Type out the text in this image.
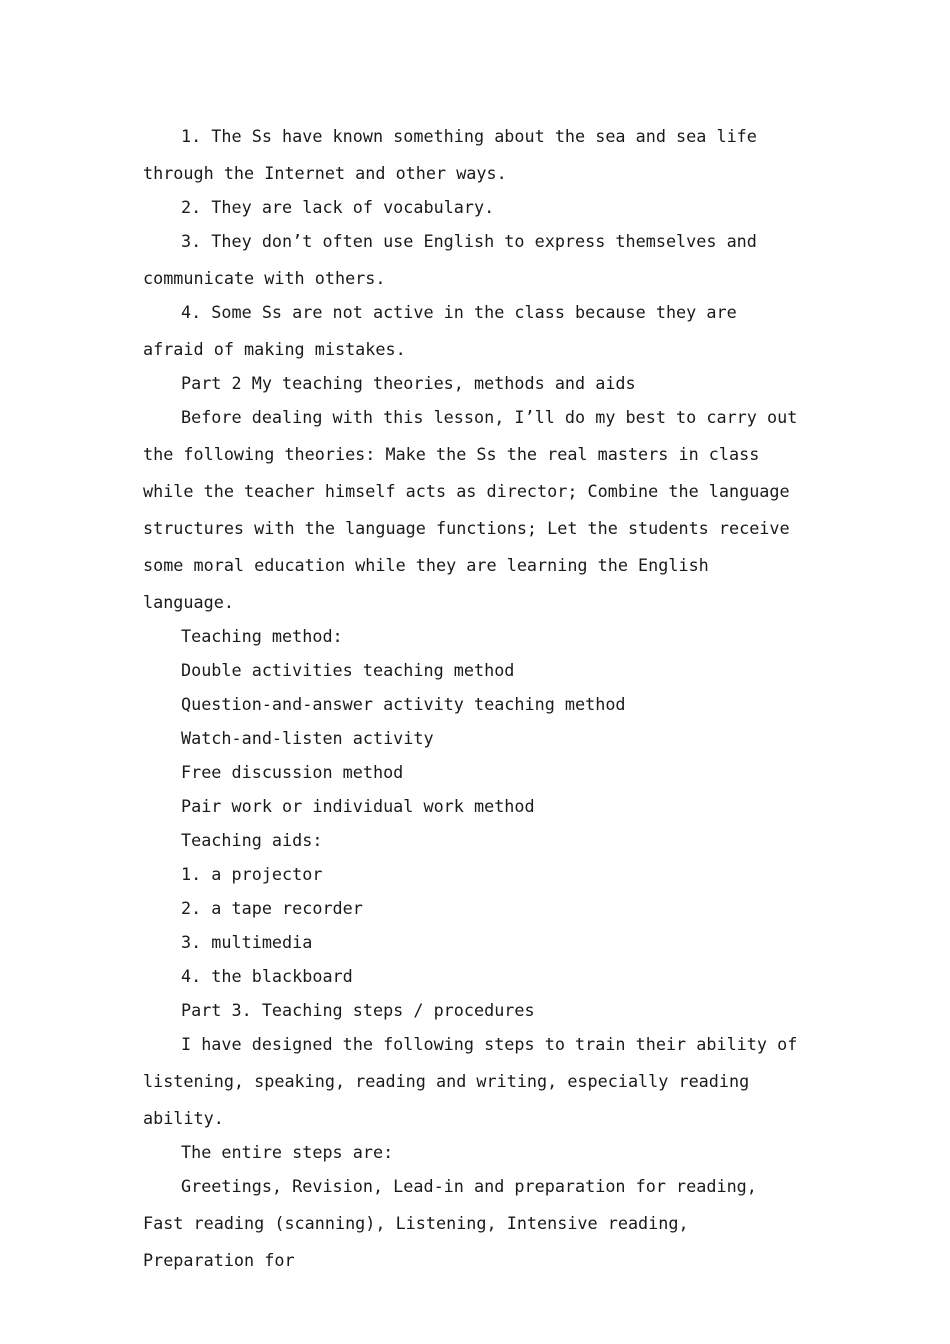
1. The Ss have known something about the sea and sea life through the Internet and other ways.

2. They are lack of vocabulary.

3. They don’t often use English to express themselves and communicate with others.

4. Some Ss are not active in the class because they are afraid of making mistakes.

Part 2 My teaching theories, methods and aids

Before dealing with this lesson, I’ll do my best to carry out the following theories: Make the Ss the real masters in class while the teacher himself acts as director; Combine the language structures with the language functions; Let the students receive some moral education while they are learning the English language.

Teaching method:

Double activities teaching method

Question-and-answer activity teaching method

Watch-and-listen activity

Free discussion method

Pair work or individual work method

Teaching aids:

1. a projector

2. a tape recorder

3. multimedia

4. the blackboard

Part 3. Teaching steps / procedures

I have designed the following steps to train their ability of listening, speaking, reading and writing, especially reading ability.

The entire steps are:

Greetings, Revision, Lead-in and preparation for reading, Fast reading (scanning), Listening, Intensive reading, Preparation for
